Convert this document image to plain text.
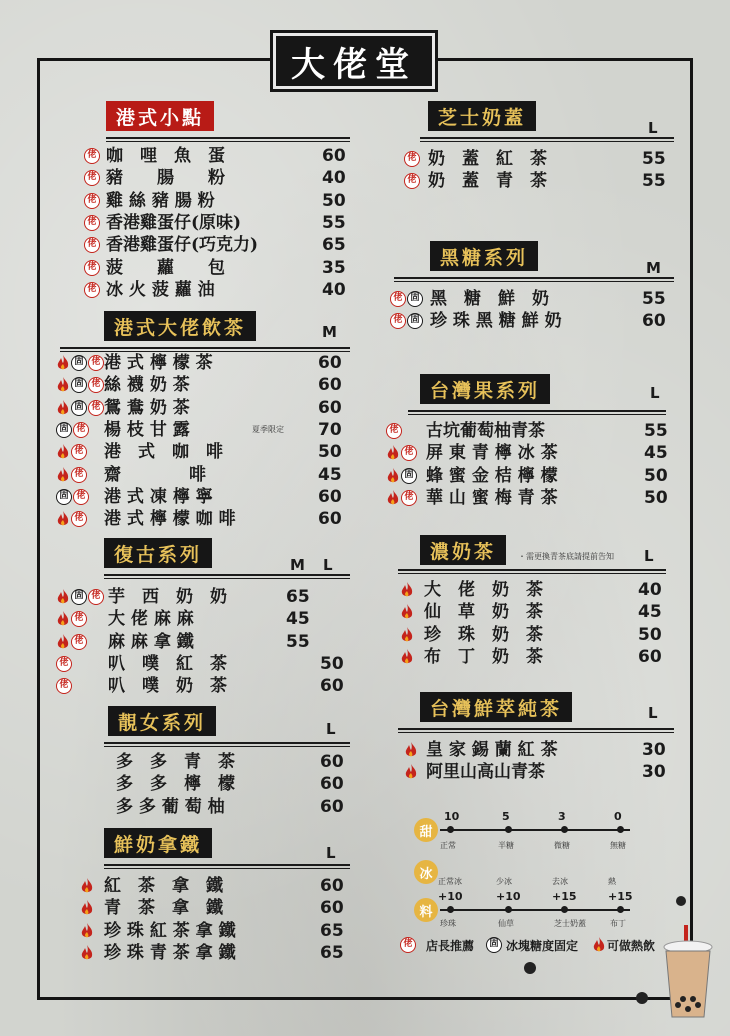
大佬堂
港式小點
佬 咖　哩　魚　蛋	60
佬 豬　　腸　　粉	40
佬 雞 絲 豬 腸 粉	50
佬 香港雞蛋仔(原味)	55
佬 香港雞蛋仔(巧克力)	65
佬 菠　　蘿　　包	35
佬 冰 火 菠 蘿 油	40
港式大佬飲茶	M
固 佬 港 式 檸 檬 茶	60
固 佬 絲 襪 奶 茶	60
固 佬 鴛 鴦 奶 茶	60
固 佬 楊 枝 甘 露	70
佬 港　式　咖　啡	50
佬 齋　　　　啡	45
固 佬 港 式 凍 檸 寧	60
佬 港 式 檸 檬 咖 啡	60
復古系列	M L
固 佬 芋　西　奶　奶	65
佬 大 佬 麻 麻	45
佬 麻 麻 拿 鐵	55
佬 叭　噗　紅　茶	50
佬 叭　噗　奶　茶	60
靚女系列	L
多　多　青　茶	60
多　多　檸　檬	60
多 多 葡 萄 柚	60
鮮奶拿鐵	L
紅　茶　拿　鐵	60
青　茶　拿　鐵	60
珍 珠 紅 茶 拿 鐵	65
珍 珠 青 茶 拿 鐵	65
芝士奶蓋	L
佬 奶　蓋　紅　茶	55
佬 奶　蓋　青　茶	55
黑糖系列	M
佬 固 黑　糖　鮮　奶	55
佬 固 珍 珠 黑 糖 鮮 奶	60
台灣果系列	L
佬 古坑葡萄柚青茶	55
佬 屏 東 青 檸 冰 茶	45
固 蜂 蜜 金 桔 檸 檬	50
佬 華 山 蜜 梅 青 茶	50
濃奶茶	L
大　佬　奶　茶	40
仙　草　奶　茶	45
珍　珠　奶　茶	50
布　丁　奶　茶	60
台灣鮮萃純茶	L
皇 家 錫 蘭 紅 茶	30
阿里山高山青茶	30
夏季限定
・需更換青茶底請提前告知
甜
冰
料
10
正常
正常冰
+10
珍珠
5
半糖
少冰
+10
仙草
3
微糖
去冰
+15
芝士奶蓋
0
無糖
熱
+15
布丁
佬 店長推薦	固 冰塊糖度固定 可做熱飲
